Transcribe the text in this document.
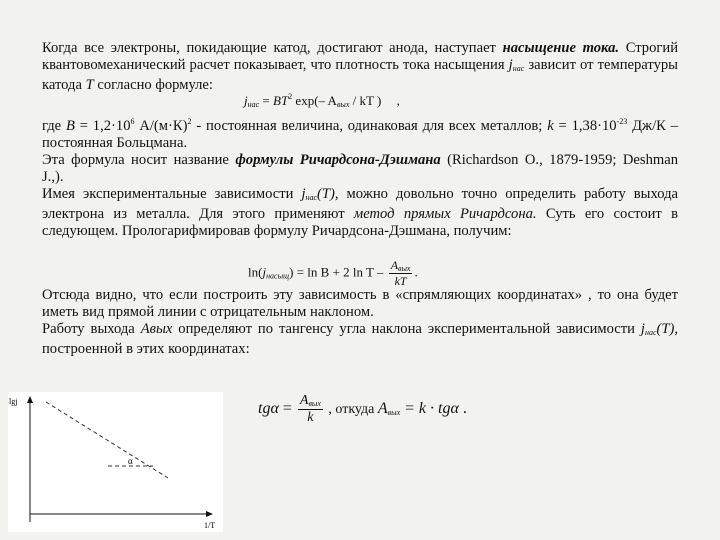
Когда все электроны, покидающие катод, достигают анода, наступает насыщение тока. Строгий квантовомеханический расчет показывает, что плотность тока насыщения $j_{нас}$ зависит от температуры катода T согласно формуле:

$j_{нас} = BT^2$ exp(– $A_{вых}$ / kT ) ,

где $B = 1,2\cdot 10^6$ $А/(м\cdot К)^2$ - постоянная величина, одинаковая для всех металлов; $k = 1,38\cdot 10^{-23}$ Дж/К – постоянная Больцмана.

Эта формула носит название формулы Ричардсона-Дэшмана (Richardson O., 1879-1959; Deshman J.,).

Имея экспериментальные зависимости $j_{нас}(T)$, можно довольно точно определить работу выхода электрона из металла. Для этого применяют метод прямых Ричардсона. Суть его состоит в следующем. Прологарифмировав формулу Ричардсона-Дэшмана, получим:

$\ln(j_{насыщ}) = \ln B + 2$ ln T – $\frac{A_{вых}}{kT}$ .

Отсюда видно, что если построить эту зависимость в «спрямляющих координатах» , то она будет иметь вид прямой линии с отрицательным наклоном.

Работу выхода Aвых определяют по тангенсу угла наклона экспериментальной зависимости $j_{нас}(T)$, построенной в этих координатах:

$tg\alpha = \frac{A_{вых}}{k}$ , откуда $A_{вых} = k \cdot tg\alpha$ .
lgj
1/T
α
